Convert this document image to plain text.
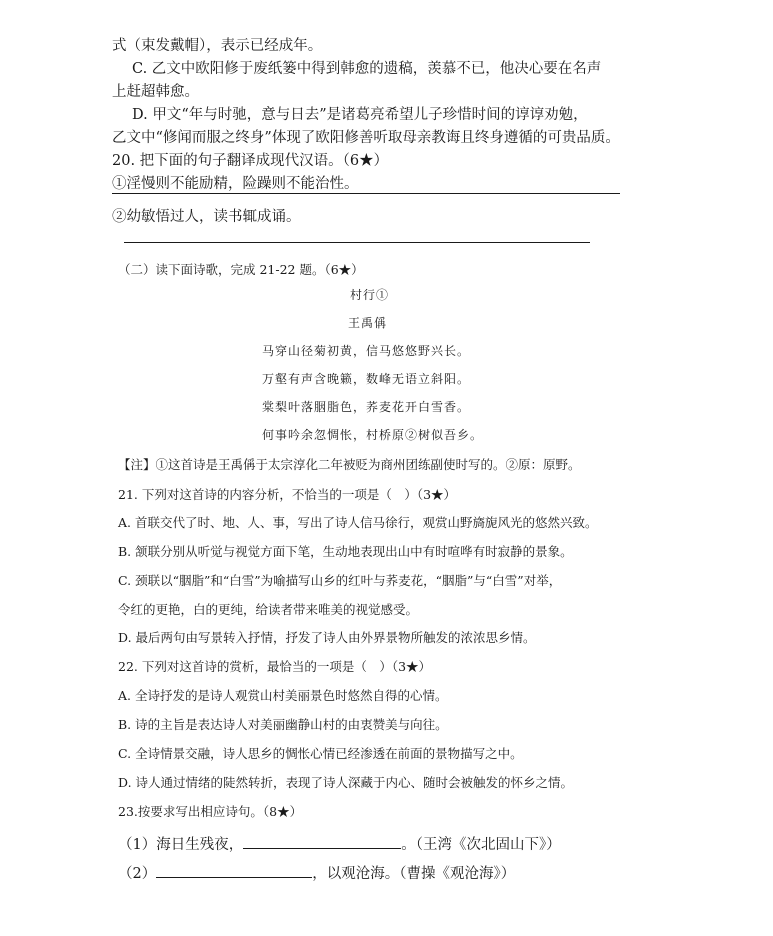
式（束发戴帽），表示已经成年。
C. 乙文中欧阳修于废纸篓中得到韩愈的遗稿，羡慕不已，他决心要在名声
上赶超韩愈。
D. 甲文“年与时驰，意与日去”是诸葛亮希望儿子珍惜时间的谆谆劝勉，
乙文中“修闻而服之终身”体现了欧阳修善听取母亲教诲且终身遵循的可贵品质。
20. 把下面的句子翻译成现代汉语。（6★）
①淫慢则不能励精，险躁则不能治性。
②幼敏悟过人，读书辄成诵。
（二）读下面诗歌，完成 21-22 题。（6★）
村行①
王禹偁
马穿山径菊初黄，信马悠悠野兴长。
万壑有声含晚籁，数峰无语立斜阳。
棠梨叶落胭脂色，荞麦花开白雪香。
何事吟余忽惆怅，村桥原②树似吾乡。
【注】①这首诗是王禹偁于太宗淳化二年被贬为商州团练副使时写的。②原：原野。
21. 下列对这首诗的内容分析，不恰当的一项是（　）（3★）
A. 首联交代了时、地、人、事，写出了诗人信马徐行，观赏山野旖旎风光的悠然兴致。
B. 颔联分别从听觉与视觉方面下笔，生动地表现出山中有时喧哗有时寂静的景象。
C. 颈联以“胭脂”和“白雪”为喻描写山乡的红叶与荞麦花，“胭脂”与“白雪”对举，
令红的更艳，白的更纯，给读者带来唯美的视觉感受。
D. 最后两句由写景转入抒情，抒发了诗人由外界景物所触发的浓浓思乡情。
22. 下列对这首诗的赏析，最恰当的一项是（　）（3★）
A. 全诗抒发的是诗人观赏山村美丽景色时悠然自得的心情。
B. 诗的主旨是表达诗人对美丽幽静山村的由衷赞美与向往。
C. 全诗情景交融，诗人思乡的惆怅心情已经渗透在前面的景物描写之中。
D. 诗人通过情绪的陡然转折，表现了诗人深藏于内心、随时会被触发的怀乡之情。
23.按要求写出相应诗句。（8★）
（1）海日生残夜，	。（王湾《次北固山下》）
（2）	，以观沧海。（曹操《观沧海》）
